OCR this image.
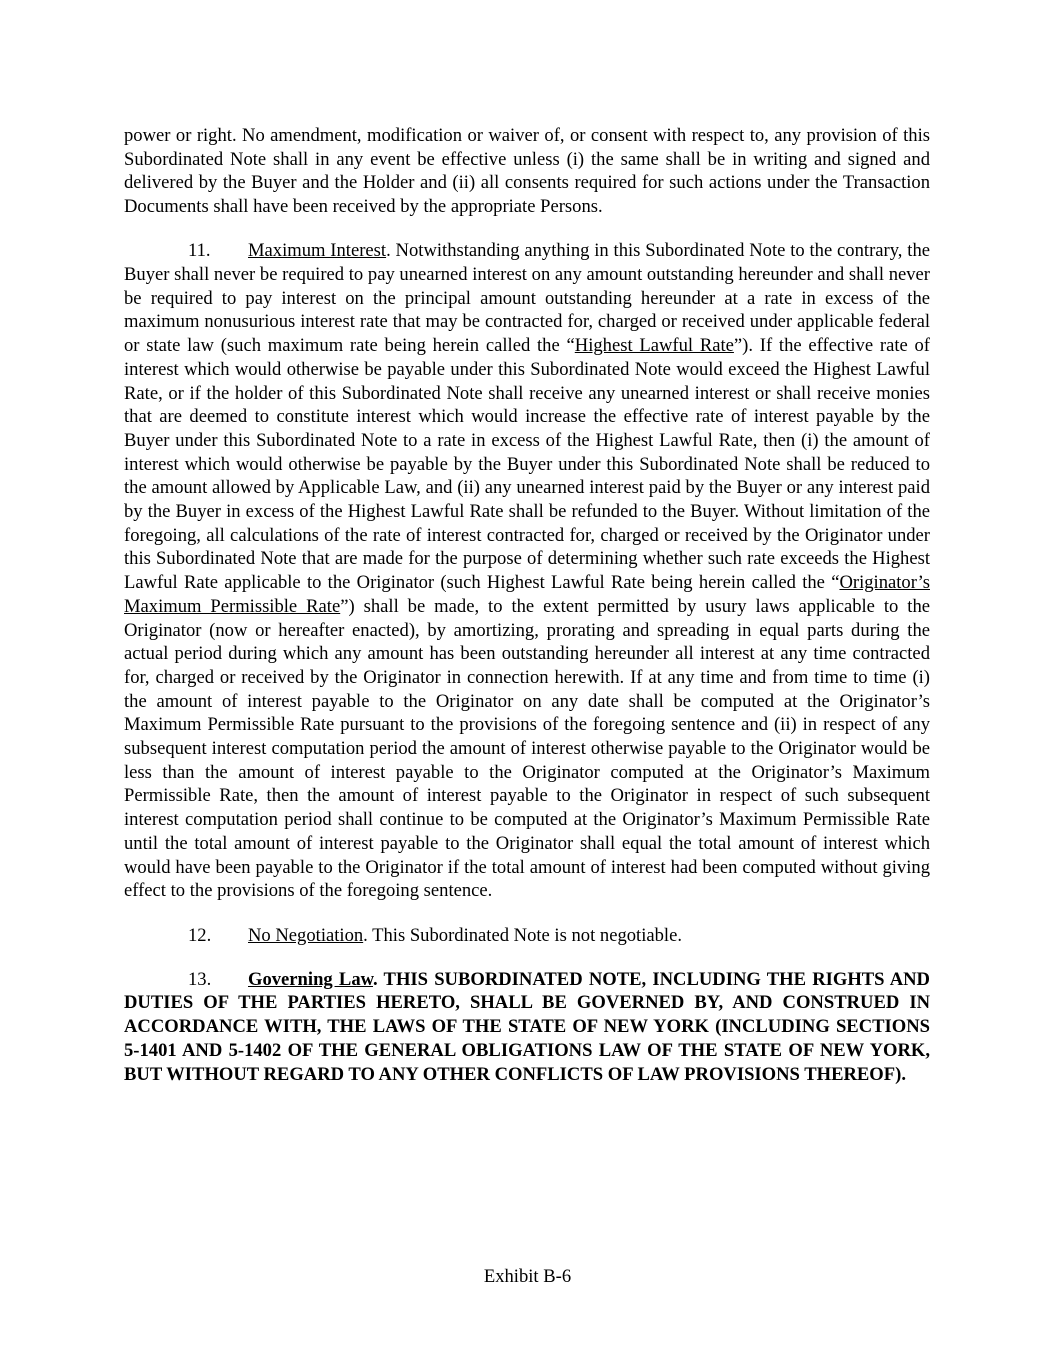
power or right. No amendment, modification or waiver of, or consent with respect to, any provision of this Subordinated Note shall in any event be effective unless (i) the same shall be in writing and signed and delivered by the Buyer and the Holder and (ii) all consents required for such actions under the Transaction Documents shall have been received by the appropriate Persons.

11. Maximum Interest. Notwithstanding anything in this Subordinated Note to the contrary, the Buyer shall never be required to pay unearned interest on any amount outstanding hereunder and shall never be required to pay interest on the principal amount outstanding hereunder at a rate in excess of the maximum nonusurious interest rate that may be contracted for, charged or received under applicable federal or state law (such maximum rate being herein called the “Highest Lawful Rate”). If the effective rate of interest which would otherwise be payable under this Subordinated Note would exceed the Highest Lawful Rate, or if the holder of this Subordinated Note shall receive any unearned interest or shall receive monies that are deemed to constitute interest which would increase the effective rate of interest payable by the Buyer under this Subordinated Note to a rate in excess of the Highest Lawful Rate, then (i) the amount of interest which would otherwise be payable by the Buyer under this Subordinated Note shall be reduced to the amount allowed by Applicable Law, and (ii) any unearned interest paid by the Buyer or any interest paid by the Buyer in excess of the Highest Lawful Rate shall be refunded to the Buyer. Without limitation of the foregoing, all calculations of the rate of interest contracted for, charged or received by the Originator under this Subordinated Note that are made for the purpose of determining whether such rate exceeds the Highest Lawful Rate applicable to the Originator (such Highest Lawful Rate being herein called the “Originator’s Maximum Permissible Rate”) shall be made, to the extent permitted by usury laws applicable to the Originator (now or hereafter enacted), by amortizing, prorating and spreading in equal parts during the actual period during which any amount has been outstanding hereunder all interest at any time contracted for, charged or received by the Originator in connection herewith. If at any time and from time to time (i) the amount of interest payable to the Originator on any date shall be computed at the Originator’s Maximum Permissible Rate pursuant to the provisions of the foregoing sentence and (ii) in respect of any subsequent interest computation period the amount of interest otherwise payable to the Originator would be less than the amount of interest payable to the Originator computed at the Originator’s Maximum Permissible Rate, then the amount of interest payable to the Originator in respect of such subsequent interest computation period shall continue to be computed at the Originator’s Maximum Permissible Rate until the total amount of interest payable to the Originator shall equal the total amount of interest which would have been payable to the Originator if the total amount of interest had been computed without giving effect to the provisions of the foregoing sentence.

12. No Negotiation. This Subordinated Note is not negotiable.

13. Governing Law. THIS SUBORDINATED NOTE, INCLUDING THE RIGHTS AND DUTIES OF THE PARTIES HERETO, SHALL BE GOVERNED BY, AND CONSTRUED IN ACCORDANCE WITH, THE LAWS OF THE STATE OF NEW YORK (INCLUDING SECTIONS 5-1401 AND 5-1402 OF THE GENERAL OBLIGATIONS LAW OF THE STATE OF NEW YORK, BUT WITHOUT REGARD TO ANY OTHER CONFLICTS OF LAW PROVISIONS THEREOF).

Exhibit B-6
